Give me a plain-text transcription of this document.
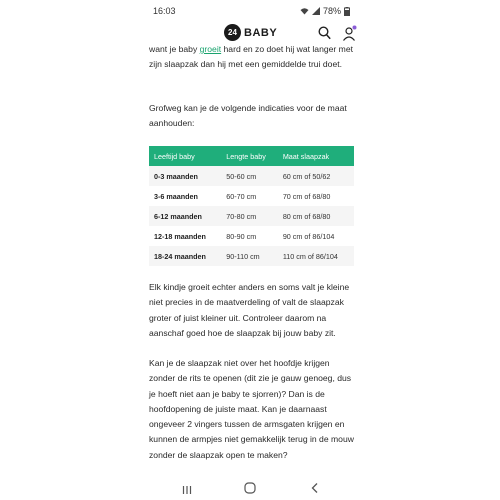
16:03	78%
24 BABY

want je baby groeit hard en zo doet hij wat langer met zijn slaapzak dan hij met een gemiddelde trui doet.

Grofweg kan je de volgende indicaties voor de maat aanhouden:

Elk kindje groeit echter anders en soms valt je kleine niet precies in de maatverdeling of valt de slaapzak groter of juist kleiner uit. Controleer daarom na aanschaf goed hoe de slaapzak bij jouw baby zit.

Kan je de slaapzak niet over het hoofdje krijgen zonder de rits te openen (dit zie je gauw genoeg, dus je hoeft niet aan je baby te sjorren)? Dan is de hoofdopening de juiste maat. Kan je daarnaast ongeveer 2 vingers tussen de armsgaten krijgen en kunnen de armpjes niet gemakkelijk terug in de mouw zonder de slaapzak open te maken?

Leeftijd baby	Lengte baby	Maat slaapzak
0-3 maanden	50-60 cm	60 cm of 50/62
3-6 maanden	60-70 cm	70 cm of 68/80
6-12 maanden	70-80 cm	80 cm of 68/80
12-18 maanden	80-90 cm	90 cm of 86/104
18-24 maanden	90-110 cm	110 cm of 86/104
